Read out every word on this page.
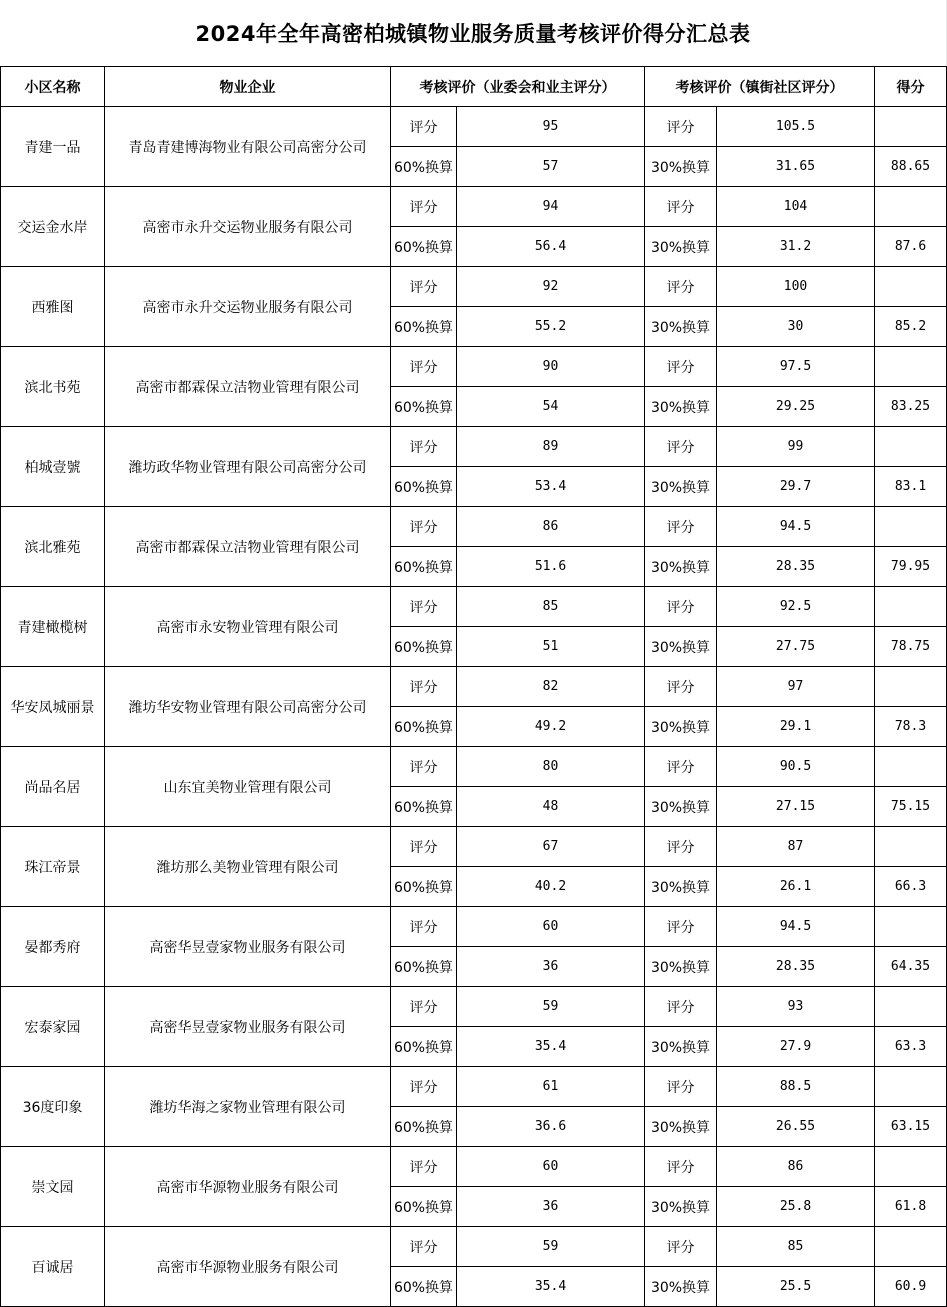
2024年全年高密柏城镇物业服务质量考核评价得分汇总表
小区名称	物业企业	考核评价（业委会和业主评分）		考核评价（镇街社区评分）		得分
青建一品	青岛青建博海物业有限公司高密分公司	评分	95	评分	105.5	
		60%换算	57	30%换算	31.65	88.65
交运金水岸	高密市永升交运物业服务有限公司	评分	94	评分	104	
		60%换算	56.4	30%换算	31.2	87.6
西雅图	高密市永升交运物业服务有限公司	评分	92	评分	100	
		60%换算	55.2	30%换算	30	85.2
滨北书苑	高密市都霖保立洁物业管理有限公司	评分	90	评分	97.5	
		60%换算	54	30%换算	29.25	83.25
柏城壹號	潍坊政华物业管理有限公司高密分公司	评分	89	评分	99	
		60%换算	53.4	30%换算	29.7	83.1
滨北雅苑	高密市都霖保立洁物业管理有限公司	评分	86	评分	94.5	
		60%换算	51.6	30%换算	28.35	79.95
青建橄榄树	高密市永安物业管理有限公司	评分	85	评分	92.5	
		60%换算	51	30%换算	27.75	78.75
华安凤城丽景	潍坊华安物业管理有限公司高密分公司	评分	82	评分	97	
		60%换算	49.2	30%换算	29.1	78.3
尚品名居	山东宜美物业管理有限公司	评分	80	评分	90.5	
		60%换算	48	30%换算	27.15	75.15
珠江帝景	潍坊那么美物业管理有限公司	评分	67	评分	87	
		60%换算	40.2	30%换算	26.1	66.3
晏都秀府	高密华昱壹家物业服务有限公司	评分	60	评分	94.5	
		60%换算	36	30%换算	28.35	64.35
宏泰家园	高密华昱壹家物业服务有限公司	评分	59	评分	93	
		60%换算	35.4	30%换算	27.9	63.3
36度印象	潍坊华海之家物业管理有限公司	评分	61	评分	88.5	
		60%换算	36.6	30%换算	26.55	63.15
崇文园	高密市华源物业服务有限公司	评分	60	评分	86	
		60%换算	36	30%换算	25.8	61.8
百诚居	高密市华源物业服务有限公司	评分	59	评分	85	
		60%换算	35.4	30%换算	25.5	60.9
